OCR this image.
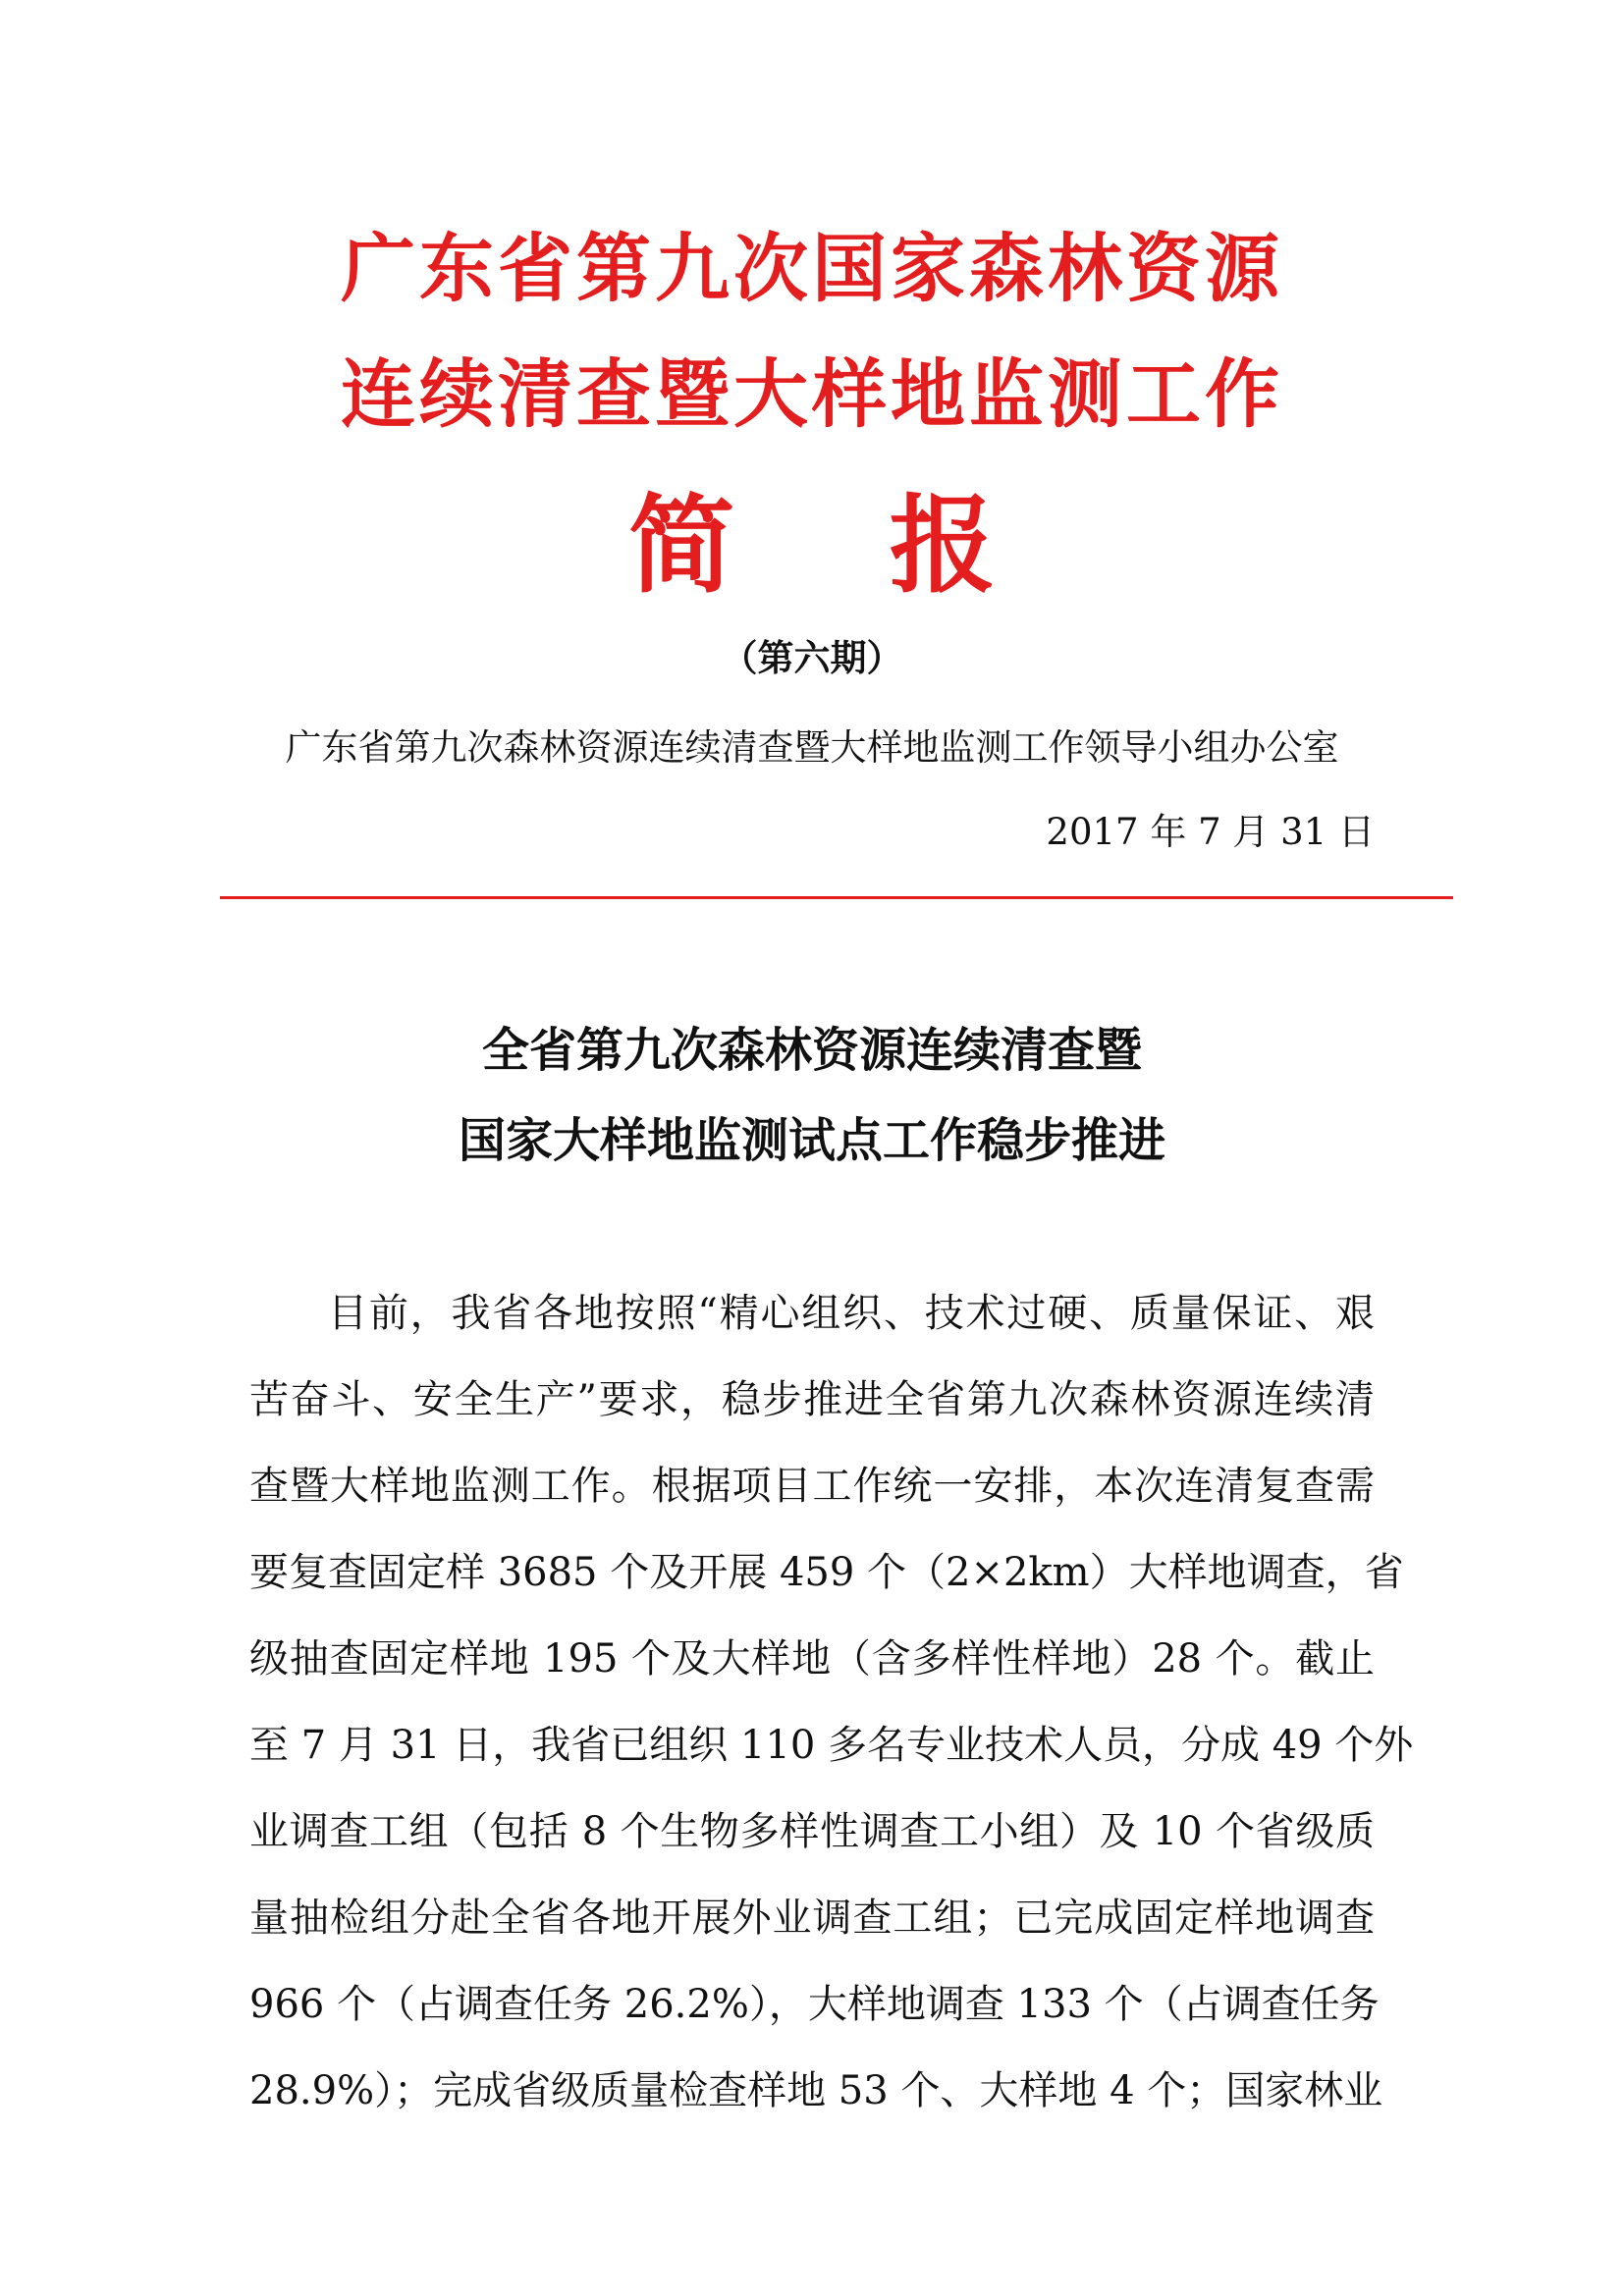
广东省第九次国家森林资源
连续清查暨大样地监测工作
简 报
（第六期）
广东省第九次森林资源连续清查暨大样地监测工作领导小组办公室
2017 年 7 月 31 日
全省第九次森林资源连续清查暨
国家大样地监测试点工作稳步推进
目前，我省各地按照“精心组织、技术过硬、质量保证、艰
苦奋斗、安全生产”要求，稳步推进全省第九次森林资源连续清
查暨大样地监测工作。根据项目工作统一安排，本次连清复查需
要复查固定样 3685 个及开展 459 个（2×2km）大样地调查，省
级抽查固定样地 195 个及大样地（含多样性样地）28 个。截止
至 7 月 31 日，我省已组织 110 多名专业技术人员，分成 49 个外
业调查工组（包括 8 个生物多样性调查工小组）及 10 个省级质
量抽检组分赴全省各地开展外业调查工组；已完成固定样地调查
966 个（占调查任务 26.2%），大样地调查 133 个（占调查任务
28.9%）；完成省级质量检查样地 53 个、大样地 4 个；国家林业
